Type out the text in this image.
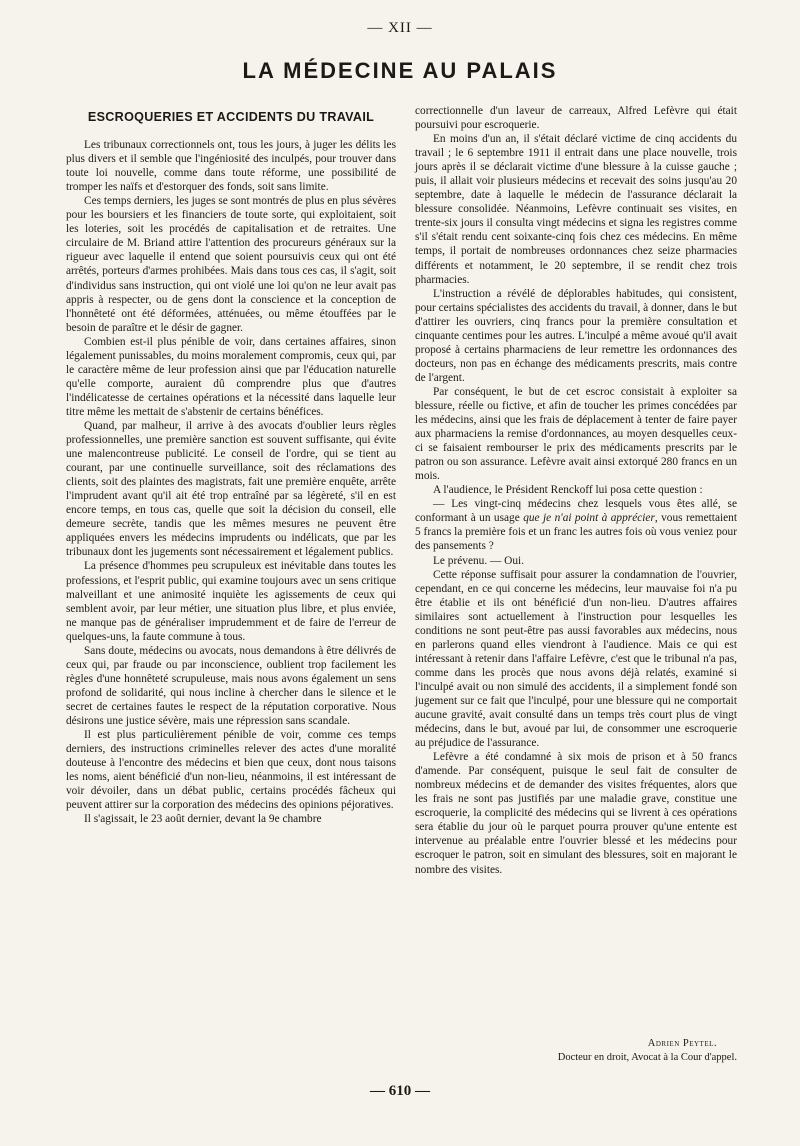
— XII —
LA MÉDECINE AU PALAIS
ESCROQUERIES ET ACCIDENTS DU TRAVAIL

Les tribunaux correctionnels ont, tous les jours, à juger les délits les plus divers et il semble que l'ingéniosité des inculpés, pour trouver dans toute loi nouvelle, comme dans toute réforme, une possibilité de tromper les naïfs et d'estorquer des fonds, soit sans limite.

Ces temps derniers, les juges se sont montrés de plus en plus sévères pour les boursiers et les financiers de toute sorte, qui exploitaient, soit les loteries, soit les procédés de capitalisation et de retraites. Une circulaire de M. Briand attire l'attention des procureurs généraux sur la rigueur avec laquelle il entend que soient poursuivis ceux qui ont été arrêtés, porteurs d'armes prohibées. Mais dans tous ces cas, il s'agit, soit d'individus sans instruction, qui ont violé une loi qu'on ne leur avait pas appris à respecter, ou de gens dont la conscience et la conception de l'honnêteté ont été déformées, atténuées, ou même étouffées par le besoin de paraître et le désir de gagner.

Combien est-il plus pénible de voir, dans certaines affaires, sinon légalement punissables, du moins moralement compromis, ceux qui, par le caractère même de leur profession ainsi que par l'éducation naturelle qu'elle comporte, auraient dû comprendre plus que d'autres l'indélicatesse de certaines opérations et la nécessité dans laquelle leur titre même les mettait de s'abstenir de certains bénéfices.

Quand, par malheur, il arrive à des avocats d'oublier leurs règles professionnelles, une première sanction est souvent suffisante, qui évite une malencontreuse publicité. Le conseil de l'ordre, qui se tient au courant, par une continuelle surveillance, soit des réclamations des clients, soit des plaintes des magistrats, fait une première enquête, arrête l'imprudent avant qu'il ait été trop entraîné par sa légèreté, s'il en est encore temps, en tous cas, quelle que soit la décision du conseil, elle demeure secrète, tandis que les mêmes mesures ne peuvent être appliquées envers les médecins imprudents ou indélicats, que par les tribunaux dont les jugements sont nécessairement et légalement publics.

La présence d'hommes peu scrupuleux est inévitable dans toutes les professions, et l'esprit public, qui examine toujours avec un sens critique malveillant et une animosité inquiète les agissements de ceux qui semblent avoir, par leur métier, une situation plus libre, et plus enviée, ne manque pas de généraliser imprudemment et de faire de l'erreur de quelques-uns, la faute commune à tous.

Sans doute, médecins ou avocats, nous demandons à être délivrés de ceux qui, par fraude ou par inconscience, oublient trop facilement les règles d'une honnêteté scrupuleuse, mais nous avons également un sens profond de solidarité, qui nous incline à chercher dans le silence et le secret de certaines fautes le respect de la réputation corporative. Nous désirons une justice sévère, mais une répression sans scandale.

Il est plus particulièrement pénible de voir, comme ces temps derniers, des instructions criminelles relever des actes d'une moralité douteuse à l'encontre des médecins et bien que ceux, dont nous taisons les noms, aient bénéficié d'un non-lieu, néanmoins, il est intéressant de voir dévoiler, dans un débat public, certains procédés fâcheux qui peuvent attirer sur la corporation des médecins des opinions péjoratives.

Il s'agissait, le 23 août dernier, devant la 9e chambre

correctionnelle d'un laveur de carreaux, Alfred Lefèvre qui était poursuivi pour escroquerie.

En moins d'un an, il s'était déclaré victime de cinq accidents du travail ; le 6 septembre 1911 il entrait dans une place nouvelle, trois jours après il se déclarait victime d'une blessure à la cuisse gauche ; puis, il allait voir plusieurs médecins et recevait des soins jusqu'au 20 septembre, date à laquelle le médecin de l'assurance déclarait la blessure consolidée. Néanmoins, Lefèvre continuait ses visites, en trente-six jours il consulta vingt médecins et signa les registres comme s'il s'était rendu cent soixante-cinq fois chez ces médecins. En même temps, il portait de nombreuses ordonnances chez seize pharmacies différents et notamment, le 20 septembre, il se rendit chez trois pharmacies.

L'instruction a révélé de déplorables habitudes, qui consistent, pour certains spécialistes des accidents du travail, à donner, dans le but d'attirer les ouvriers, cinq francs pour la première consultation et cinquante centimes pour les autres. L'inculpé a même avoué qu'il avait proposé à certains pharmaciens de leur remettre les ordonnances des docteurs, non pas en échange des médicaments prescrits, mais contre de l'argent.

Par conséquent, le but de cet escroc consistait à exploiter sa blessure, réelle ou fictive, et afin de toucher les primes concédées par les médecins, ainsi que les frais de déplacement à tenter de faire payer aux pharmaciens la remise d'ordonnances, au moyen desquelles ceux-ci se faisaient rembourser le prix des médicaments prescrits par le patron ou son assurance. Lefèvre avait ainsi extorqué 280 francs en un mois.

A l'audience, le Président Renckoff lui posa cette question :

— Les vingt-cinq médecins chez lesquels vous êtes allé, se conformant à un usage que je n'ai point à apprécier, vous remettaient 5 francs la première fois et un franc les autres fois où vous veniez pour des pansements ?

Le prévenu. — Oui.

Cette réponse suffisait pour assurer la condamnation de l'ouvrier, cependant, en ce qui concerne les médecins, leur mauvaise foi n'a pu être établie et ils ont bénéficié d'un non-lieu. D'autres affaires similaires sont actuellement à l'instruction pour lesquelles les conditions ne sont peut-être pas aussi favorables aux médecins, nous en parlerons quand elles viendront à l'audience. Mais ce qui est intéressant à retenir dans l'affaire Lefèvre, c'est que le tribunal n'a pas, comme dans les procès que nous avons déjà relatés, examiné si l'inculpé avait ou non simulé des accidents, il a simplement fondé son jugement sur ce fait que l'inculpé, pour une blessure qui ne comportait aucune gravité, avait consulté dans un temps très court plus de vingt médecins, dans le but, avoué par lui, de consommer une escroquerie au préjudice de l'assurance.

Lefèvre a été condamné à six mois de prison et à 50 francs d'amende. Par conséquent, puisque le seul fait de consulter de nombreux médecins et de demander des visites fréquentes, alors que les frais ne sont pas justifiés par une maladie grave, constitue une escroquerie, la complicité des médecins qui se livrent à ces opérations sera établie du jour où le parquet pourra prouver qu'une entente est intervenue au préalable entre l'ouvrier blessé et les médecins pour escroquer le patron, soit en simulant des blessures, soit en majorant le nombre des visites.

Adrien Peytel.
Docteur en droit, Avocat à la Cour d'appel.
— 610 —
